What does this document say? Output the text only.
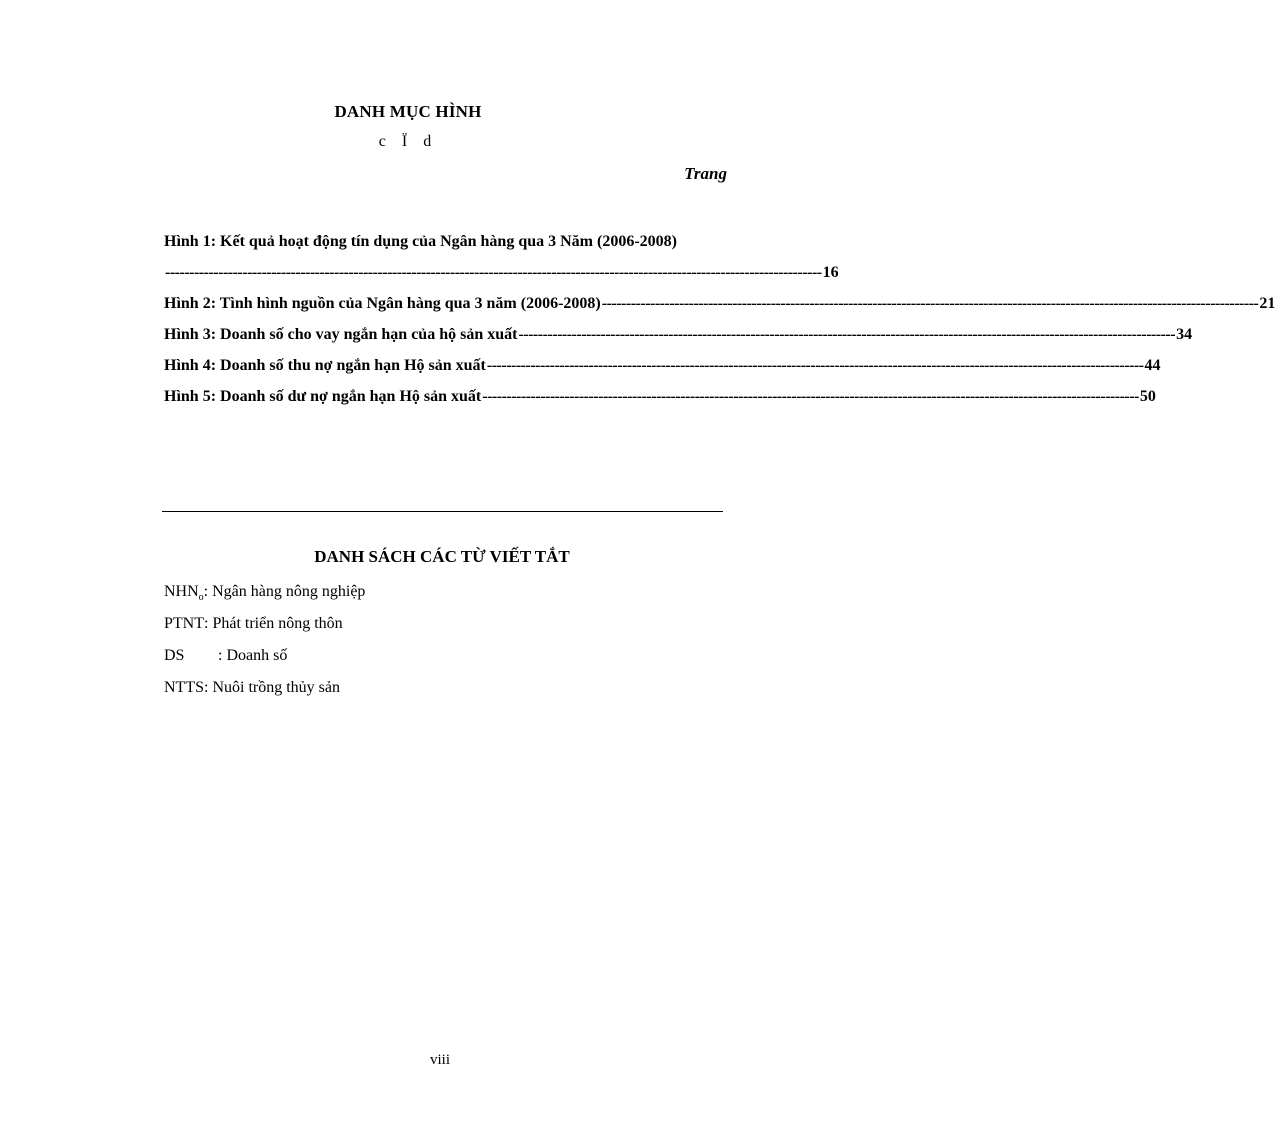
DANH MỤC HÌNH
c Ï d
Trang
Hình 1: Kết quả hoạt động tín dụng của Ngân hàng qua 3 Năm (2006-2008)
---------------------------------------------------------------------------------------------------------------------------------------- 16
Hình 2: Tình hình nguồn của Ngân hàng qua 3 năm (2006-2008) ---------------------------------------------------------------------------------------------------------------------------------------- 21
Hình 3: Doanh số cho vay ngắn hạn của hộ sản xuất ---------------------------------------------------------------------------------------------------------------------------------------- 34
Hình 4: Doanh số thu nợ ngắn hạn Hộ sản xuất ---------------------------------------------------------------------------------------------------------------------------------------- 44
Hình 5: Doanh số dư nợ ngắn hạn Hộ sản xuất ---------------------------------------------------------------------------------------------------------------------------------------- 50
DANH SÁCH CÁC TỪ VIẾT TẮT
$NHN_o$: Ngân hàng nông nghiệp
PTNT: Phát triển nông thôn
DS : Doanh số
NTTS: Nuôi trồng thủy sản
viii
